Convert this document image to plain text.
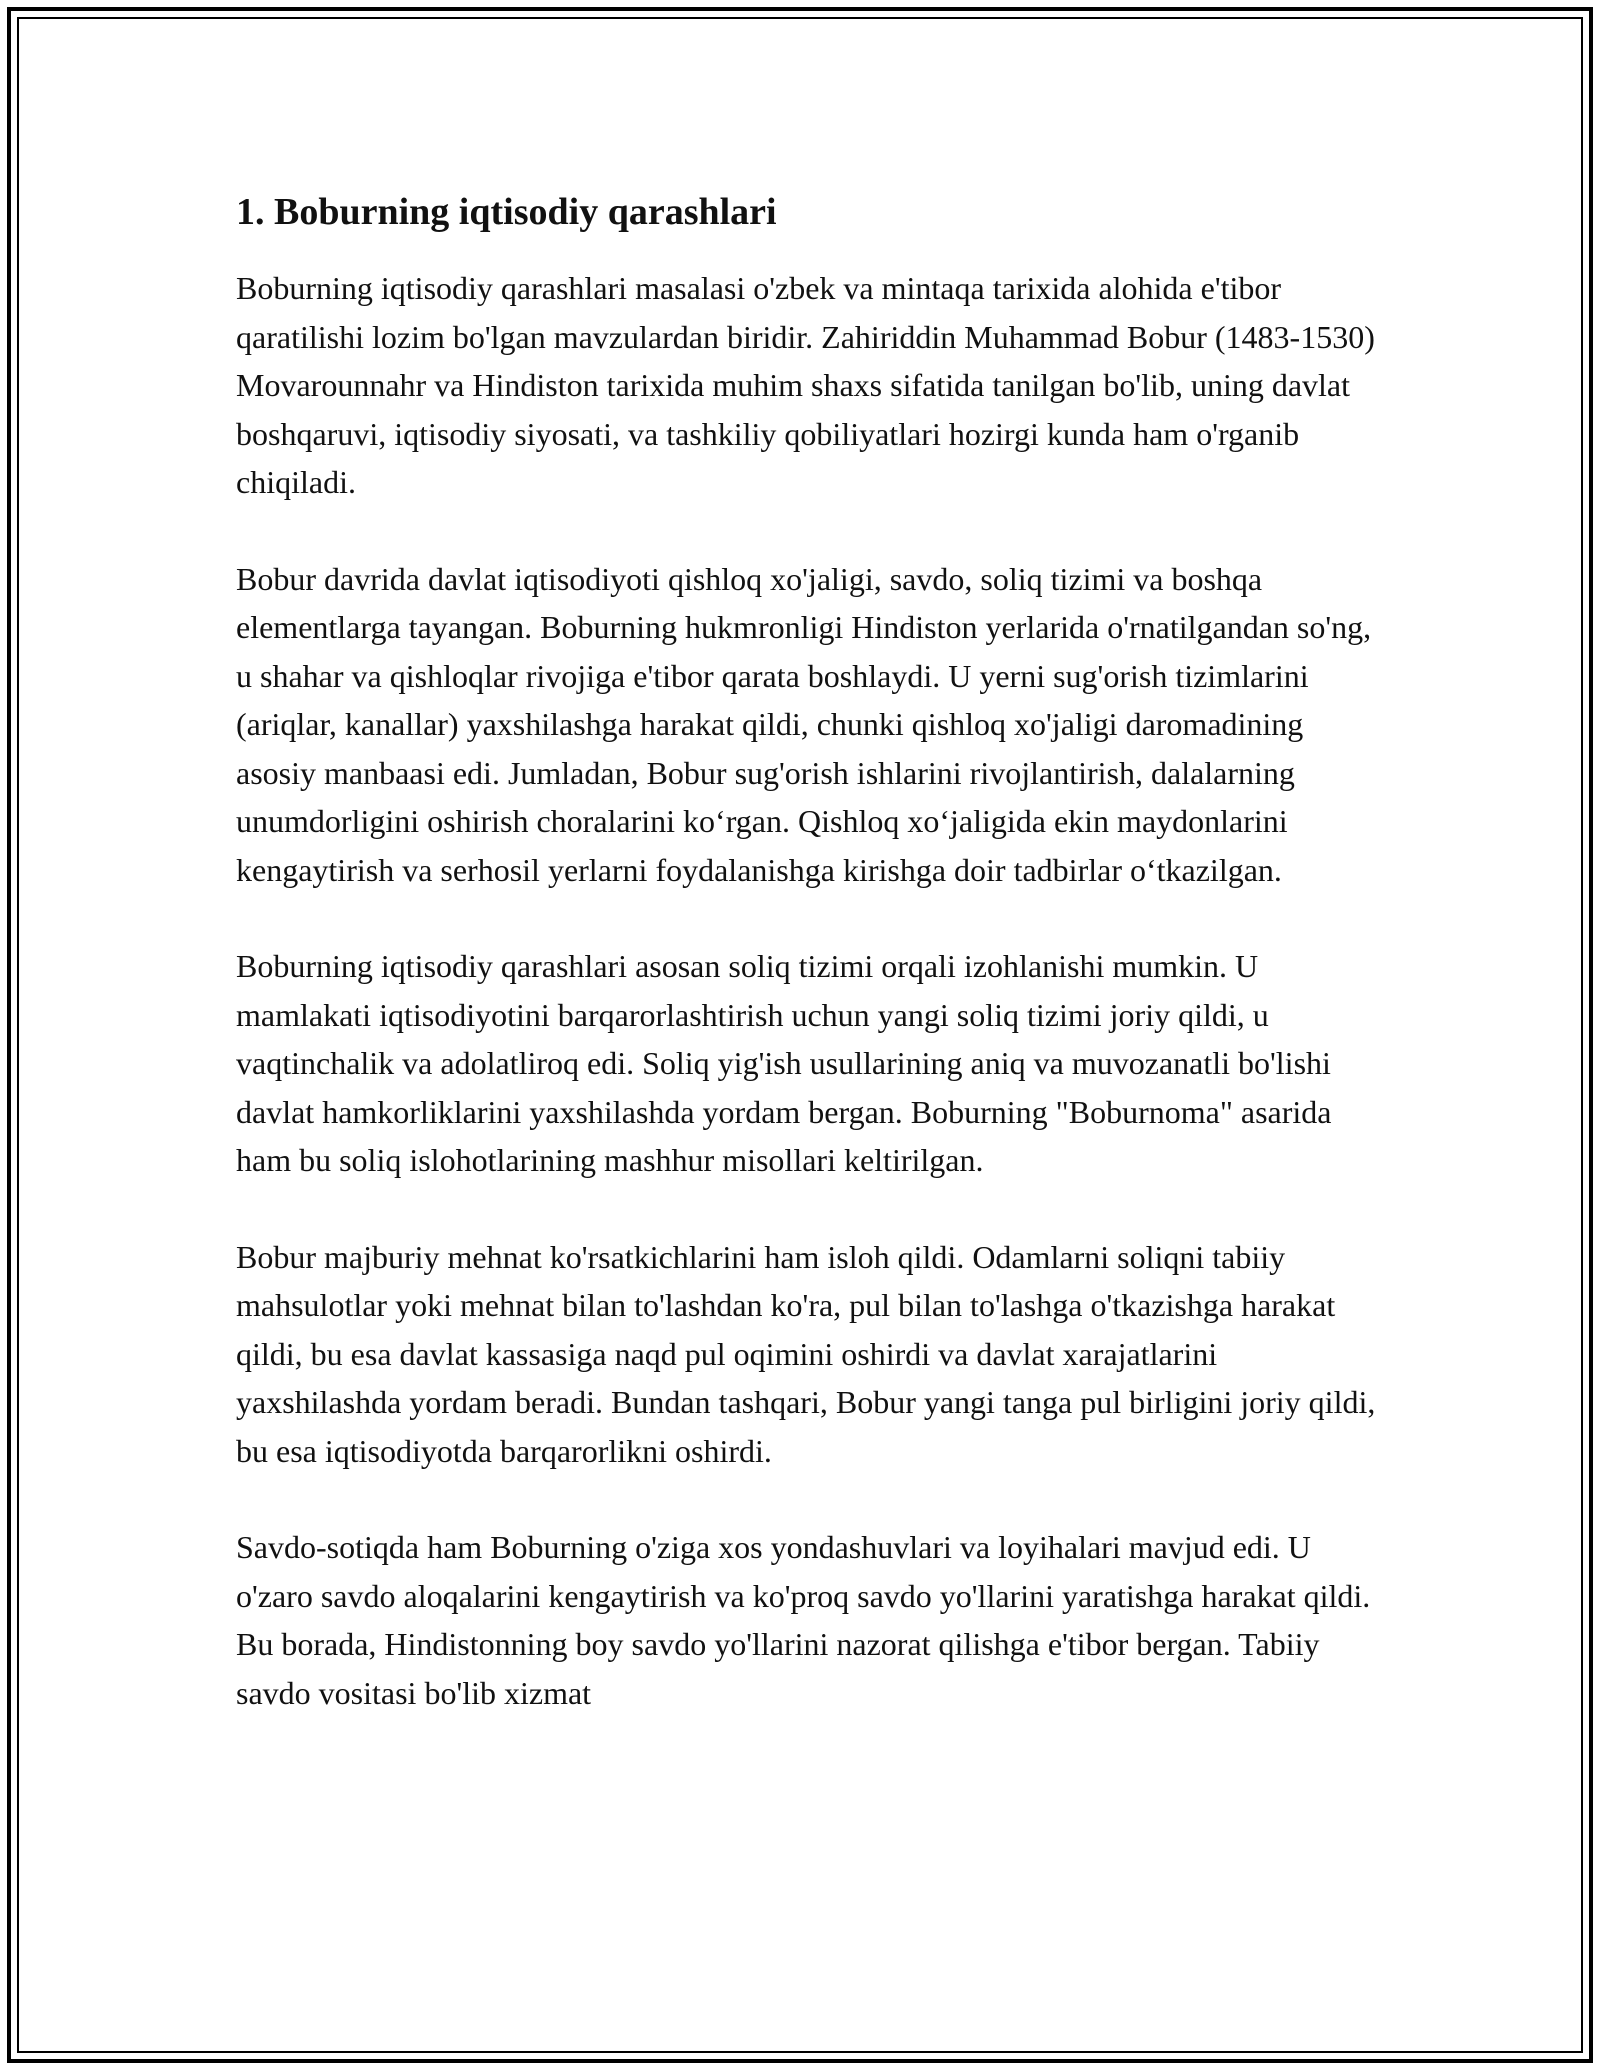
1. Boburning iqtisodiy qarashlari

Boburning iqtisodiy qarashlari masalasi o'zbek va mintaqa tarixida alohida e'tibor qaratilishi lozim bo'lgan mavzulardan biridir. Zahiriddin Muhammad Bobur (1483-1530) Movarounnahr va Hindiston tarixida muhim shaxs sifatida tanilgan bo'lib, uning davlat boshqaruvi, iqtisodiy siyosati, va tashkiliy qobiliyatlari hozirgi kunda ham o'rganib chiqiladi.

Bobur davrida davlat iqtisodiyoti qishloq xo'jaligi, savdo, soliq tizimi va boshqa elementlarga tayangan. Boburning hukmronligi Hindiston yerlarida o'rnatilgandan so'ng, u shahar va qishloqlar rivojiga e'tibor qarata boshlaydi. U yerni sug'orish tizimlarini (ariqlar, kanallar) yaxshilashga harakat qildi, chunki qishloq xo'jaligi daromadining asosiy manbaasi edi. Jumladan, Bobur sug'orish ishlarini rivojlantirish, dalalarning unumdorligini oshirish choralarini ko‘rgan. Qishloq xo‘jaligida ekin maydonlarini kengaytirish va serhosil yerlarni foydalanishga kirishga doir tadbirlar o‘tkazilgan.

Boburning iqtisodiy qarashlari asosan soliq tizimi orqali izohlanishi mumkin. U mamlakati iqtisodiyotini barqarorlashtirish uchun yangi soliq tizimi joriy qildi, u vaqtinchalik va adolatliroq edi. Soliq yig'ish usullarining aniq va muvozanatli bo'lishi davlat hamkorliklarini yaxshilashda yordam bergan. Boburning "Boburnoma" asarida ham bu soliq islohotlarining mashhur misollari keltirilgan.

Bobur majburiy mehnat ko'rsatkichlarini ham isloh qildi. Odamlarni soliqni tabiiy mahsulotlar yoki mehnat bilan to'lashdan ko'ra, pul bilan to'lashga o'tkazishga harakat qildi, bu esa davlat kassasiga naqd pul oqimini oshirdi va davlat xarajatlarini yaxshilashda yordam beradi. Bundan tashqari, Bobur yangi tanga pul birligini joriy qildi, bu esa iqtisodiyotda barqarorlikni oshirdi.

Savdo-sotiqda ham Boburning o'ziga xos yondashuvlari va loyihalari mavjud edi. U o'zaro savdo aloqalarini kengaytirish va ko'proq savdo yo'llarini yaratishga harakat qildi. Bu borada, Hindistonning boy savdo yo'llarini nazorat qilishga e'tibor bergan. Tabiiy savdo vositasi bo'lib xizmat
